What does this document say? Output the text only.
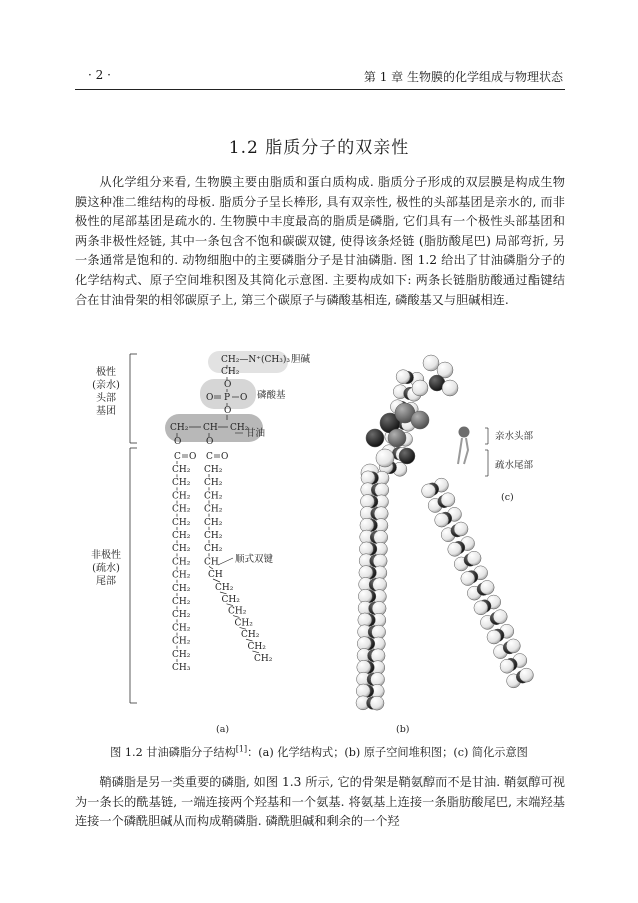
· 2 ·	第 1 章 生物膜的化学组成与物理状态
1.2 脂质分子的双亲性

从化学组分来看, 生物膜主要由脂质和蛋白质构成. 脂质分子形成的双层膜是构成生物膜这种准二维结构的母板. 脂质分子呈长棒形, 具有双亲性, 极性的头部基团是亲水的, 而非极性的尾部基团是疏水的. 生物膜中丰度最高的脂质是磷脂, 它们具有一个极性头部基团和两条非极性烃链, 其中一条包含不饱和碳碳双键, 使得该条烃链 (脂肪酸尾巴) 局部弯折, 另一条通常是饱和的. 动物细胞中的主要磷脂分子是甘油磷脂. 图 1.2 给出了甘油磷脂分子的化学结构式、原子空间堆积图及其简化示意图. 主要构成如下: 两条长链脂肪酸通过酯键结合在甘油骨架的相邻碳原子上, 第三个碳原子与磷酸基相连, 磷酸基又与胆碱相连.

极性
(亲水)
头部
基团
非极性
(疏水)
尾部
CH₂—N⁺(CH₃)₃
CH₂
O
O P O
O
CH₂ CH CH₂
O	O
C O C O
CH₂
CH₂
CH₂
CH₂
CH₂
CH₂
CH₂
CH₂
CH₂
CH₂
CH₂
CH₂
CH₂
CH₂
CH₂
CH₃
CH₂
CH₂
CH₂
CH₂
CH₂
CH₂
CH₂
CH
CH
CH₂
CH₂
CH₂
CH₂
CH₂
CH₂
CH₂
胆碱
磷酸基
甘油
顺式双键
亲水头部
疏水尾部
(c)
(a)	(b)
图 1.2 甘油磷脂分子结构[1]：(a) 化学结构式；(b) 原子空间堆积图；(c) 简化示意图

鞘磷脂是另一类重要的磷脂, 如图 1.3 所示, 它的骨架是鞘氨醇而不是甘油. 鞘氨醇可视为一条长的酰基链, 一端连接两个羟基和一个氨基. 将氨基上连接一条脂肪酸尾巴, 末端羟基连接一个磷酰胆碱从而构成鞘磷脂. 磷酰胆碱和剩余的一个羟
